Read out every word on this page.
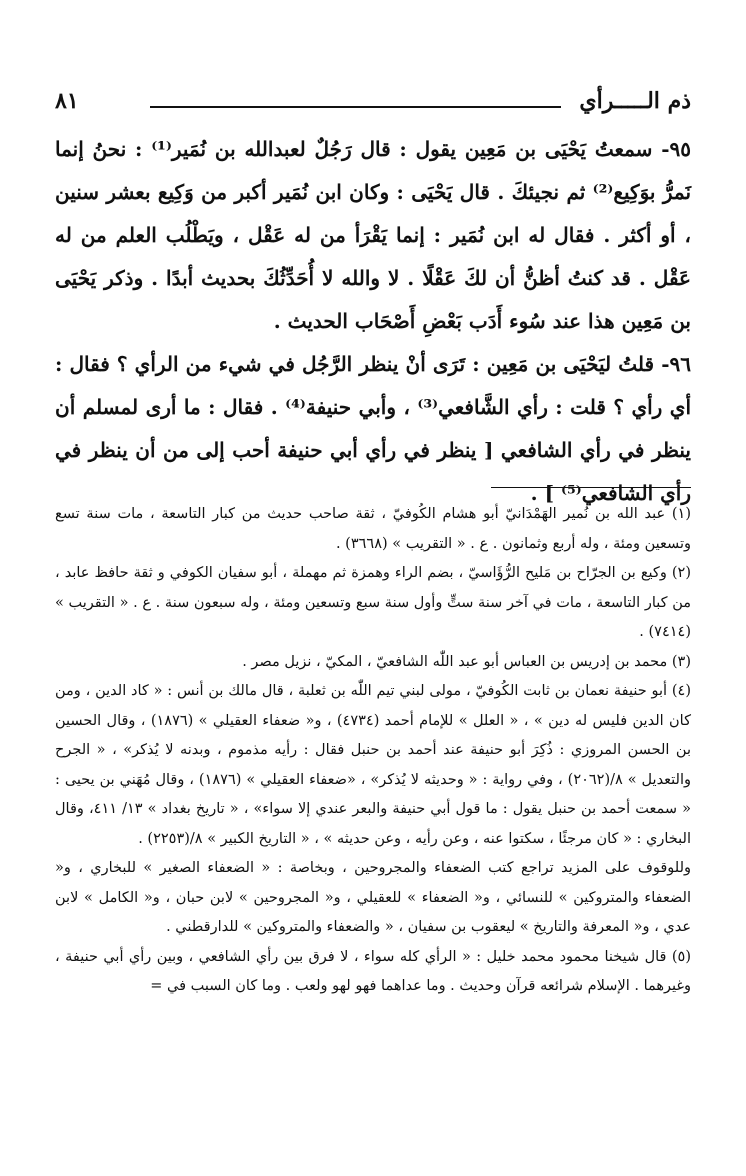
ذم الـــــرأي
٨١

٩٥- سمعتُ يَحْيَى بن مَعِين يقول : قال رَجُلٌ لعبدالله بن نُمَير⁽¹⁾ : نحنُ إنما نَمرُّ بوَكِيع⁽²⁾ ثم نجيئكَ . قال يَحْيَى : وكان ابن نُمَير أكبر من وَكِيع بعشر سنين ، أو أكثر . فقال له ابن نُمَير : إنما يَقْرَأ من له عَقْل ، ويَطْلُب العلم من له عَقْل . قد كنتُ أظنُّ أن لكَ عَقْلًا . لا والله لا أُحَدِّثُكَ بحديث أبدًا . وذكر يَحْيَى بن مَعِين هذا عند سُوء أَدَب بَعْضِ أَصْحَاب الحديث .

٩٦- قلتُ ليَحْيَى بن مَعِين : تَرَى أنْ ينظر الرَّجُل في شيء من الرأي ؟ فقال : أي رأي ؟ قلت : رأي الشَّافعي⁽³⁾ ، وأبي حنيفة⁽⁴⁾ . فقال : ما أرى لمسلم أن ينظر في رأي الشافعي [ ينظر في رأي أبي حنيفة أحب إلى من أن ينظر في رأي الشافعي⁽⁵⁾ ] .

(١) عبد الله بن نُمير الهَمْدَانيّ أبو هشام الكُوفيّ ، ثقة صاحب حديث من كبار التاسعة ، مات سنة تسع وتسعين ومئة ، وله أربع وثمانون . ع . « التقريب » (٣٦٦٨) .

(٢) وكيع بن الجرّاح بن مَليح الرُّؤَاسيّ ، بضم الراء وهمزة ثم مهملة ، أبو سفيان الكوفي و ثقة حافظ عابد ، من كبار التاسعة ، مات في آخر سنة ستٍّ وأول سنة سبع وتسعين ومئة ، وله سبعون سنة . ع . « التقريب » (٧٤١٤) .

(٣) محمد بن إدريس بن العباس أبو عبد اللّٰه الشافعيّ ، المكيّ ، نزيل مصر .

(٤) أبو حنيفة نعمان بن ثابت الكُوفيّ ، مولى لبني تيم اللّٰه بن ثعلبة ، قال مالك بن أنس : « كاد الدين ، ومن كان الدين فليس له دين » ، « العلل » للإمام أحمد (٤٧٣٤) ، و« ضعفاء العقيلي » (١٨٧٦) ، وقال الحسين بن الحسن المروزي : ذُكِرَ أبو حنيفة عند أحمد بن حنبل فقال : رأيه مذموم ، وبدنه لا يُذكر» ، « الجرح والتعديل » ٨/(٢٠٦٢) ، وفي رواية : « وحديثه لا يُذكر» ، «ضعفاء العقيلي » (١٨٧٦) ، وقال مُهَني بن يحيى : « سمعت أحمد بن حنبل يقول : ما قول أبي حنيفة والبعر عندي إلا سواء» ، « تاريخ بغداد » ١٣/ ٤١١، وقال البخاري : « كان مرجئًا ، سكتوا عنه ، وعن رأيه ، وعن حديثه » ، « التاريخ الكبير » ٨/(٢٢٥٣) .

وللوقوف على المزيد تراجع كتب الضعفاء والمجروحين ، وبخاصة : « الضعفاء الصغير » للبخاري ، و« الضعفاء والمتروكين » للنسائي ، و« الضعفاء » للعقيلي ، و« المجروحين » لابن حبان ، و« الكامل » لابن عدي ، و« المعرفة والتاريخ » ليعقوب بن سفيان ، « والضعفاء والمتروكين » للدارقطني .

(٥) قال شيخنا محمود محمد خليل : « الرأي كله سواء ، لا فرق بين رأي الشافعي ، وبين رأي أبي حنيفة ، وغيرهما . الإسلام شرائعه قرآن وحديث . وما عداهما فهو لهو ولعب . وما كان السبب في =
